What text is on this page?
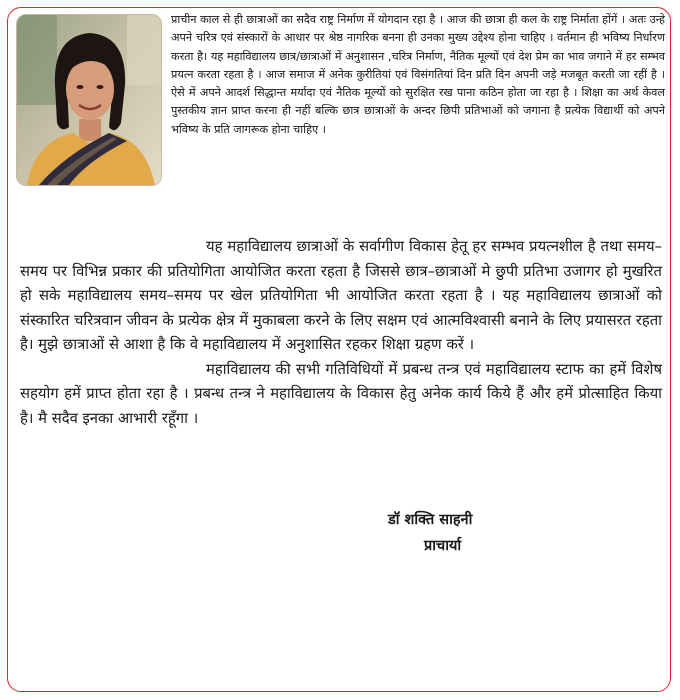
प्राचीन काल से ही छात्राओं का सदैव राष्ट्र निर्माण में योगदान रहा है । आज की छात्रा ही कल के राष्ट्र निर्माता होंगें । अतः उन्हे अपने चरित्र एवं संस्कारों के आधार पर श्रेष्ठ नागरिक बनना ही उनका मुख्य उद्देश्य होना चाहिए । वर्तमान ही भविष्य निर्धारण करता है। यह महाविद्यालय छात्र/छात्राओं में अनुशासन ,चरित्र निर्माण, नैतिक मूल्यों एवं देश प्रेम का भाव जगाने में हर सम्भव प्रयत्न करता रहता है । आज समाज में अनेक कुरीतियां एवं विसंगतियां दिन प्रति दिन अपनी जड़े मजबूत करती जा रहीं है । ऐसे में अपने आदर्श सिद्धान्त मर्यादा एवं नैतिक मूल्यों को सुरक्षित रख पाना कठिन होता जा रहा है । शिक्षा का अर्थ केवल पुस्तकीय ज्ञान प्राप्त करना ही नहीं बल्कि छात्र छात्राओं के अन्दर छिपी प्रतिभाओं को जगाना है प्रत्येक विद्यार्थी को अपने भविष्य के प्रति जागरूक होना चाहिए ।

यह महाविद्यालय छात्राओं के सर्वागीण विकास हेतू हर सम्भव प्रयत्नशील है तथा समय–समय पर विभिन्न प्रकार की प्रतियोगिता आयोजित करता रहता है जिससे छात्र–छात्राओं मे छुपी प्रतिभा उजागर हो मुखरित हो सके महाविद्यालय समय–समय पर खेल प्रतियोगिता भी आयोजित करता रहता है । यह महाविद्यालय छात्राओं को संस्कारित चरित्रवान जीवन के प्रत्येक क्षेत्र में मुकाबला करने के लिए सक्षम एवं आत्मविश्वासी बनाने के लिए प्रयासरत रहता है। मुझे छात्राओं से आशा है कि वे महाविद्यालय में अनुशासित रहकर शिक्षा ग्रहण करें ।

महाविद्यालय की सभी गतिविधियों में प्रबन्ध तन्त्र एवं महाविद्यालय स्टाफ का हमें विशेष सहयोग हमें प्राप्त होता रहा है । प्रबन्ध तन्त्र ने महाविद्यालय के विकास हेतु अनेक कार्य किये हैं और हमें प्रोत्साहित किया है। मै सदैव इनका आभारी रहूँगा ।

डॉ शक्ति साहनी
प्राचार्या
